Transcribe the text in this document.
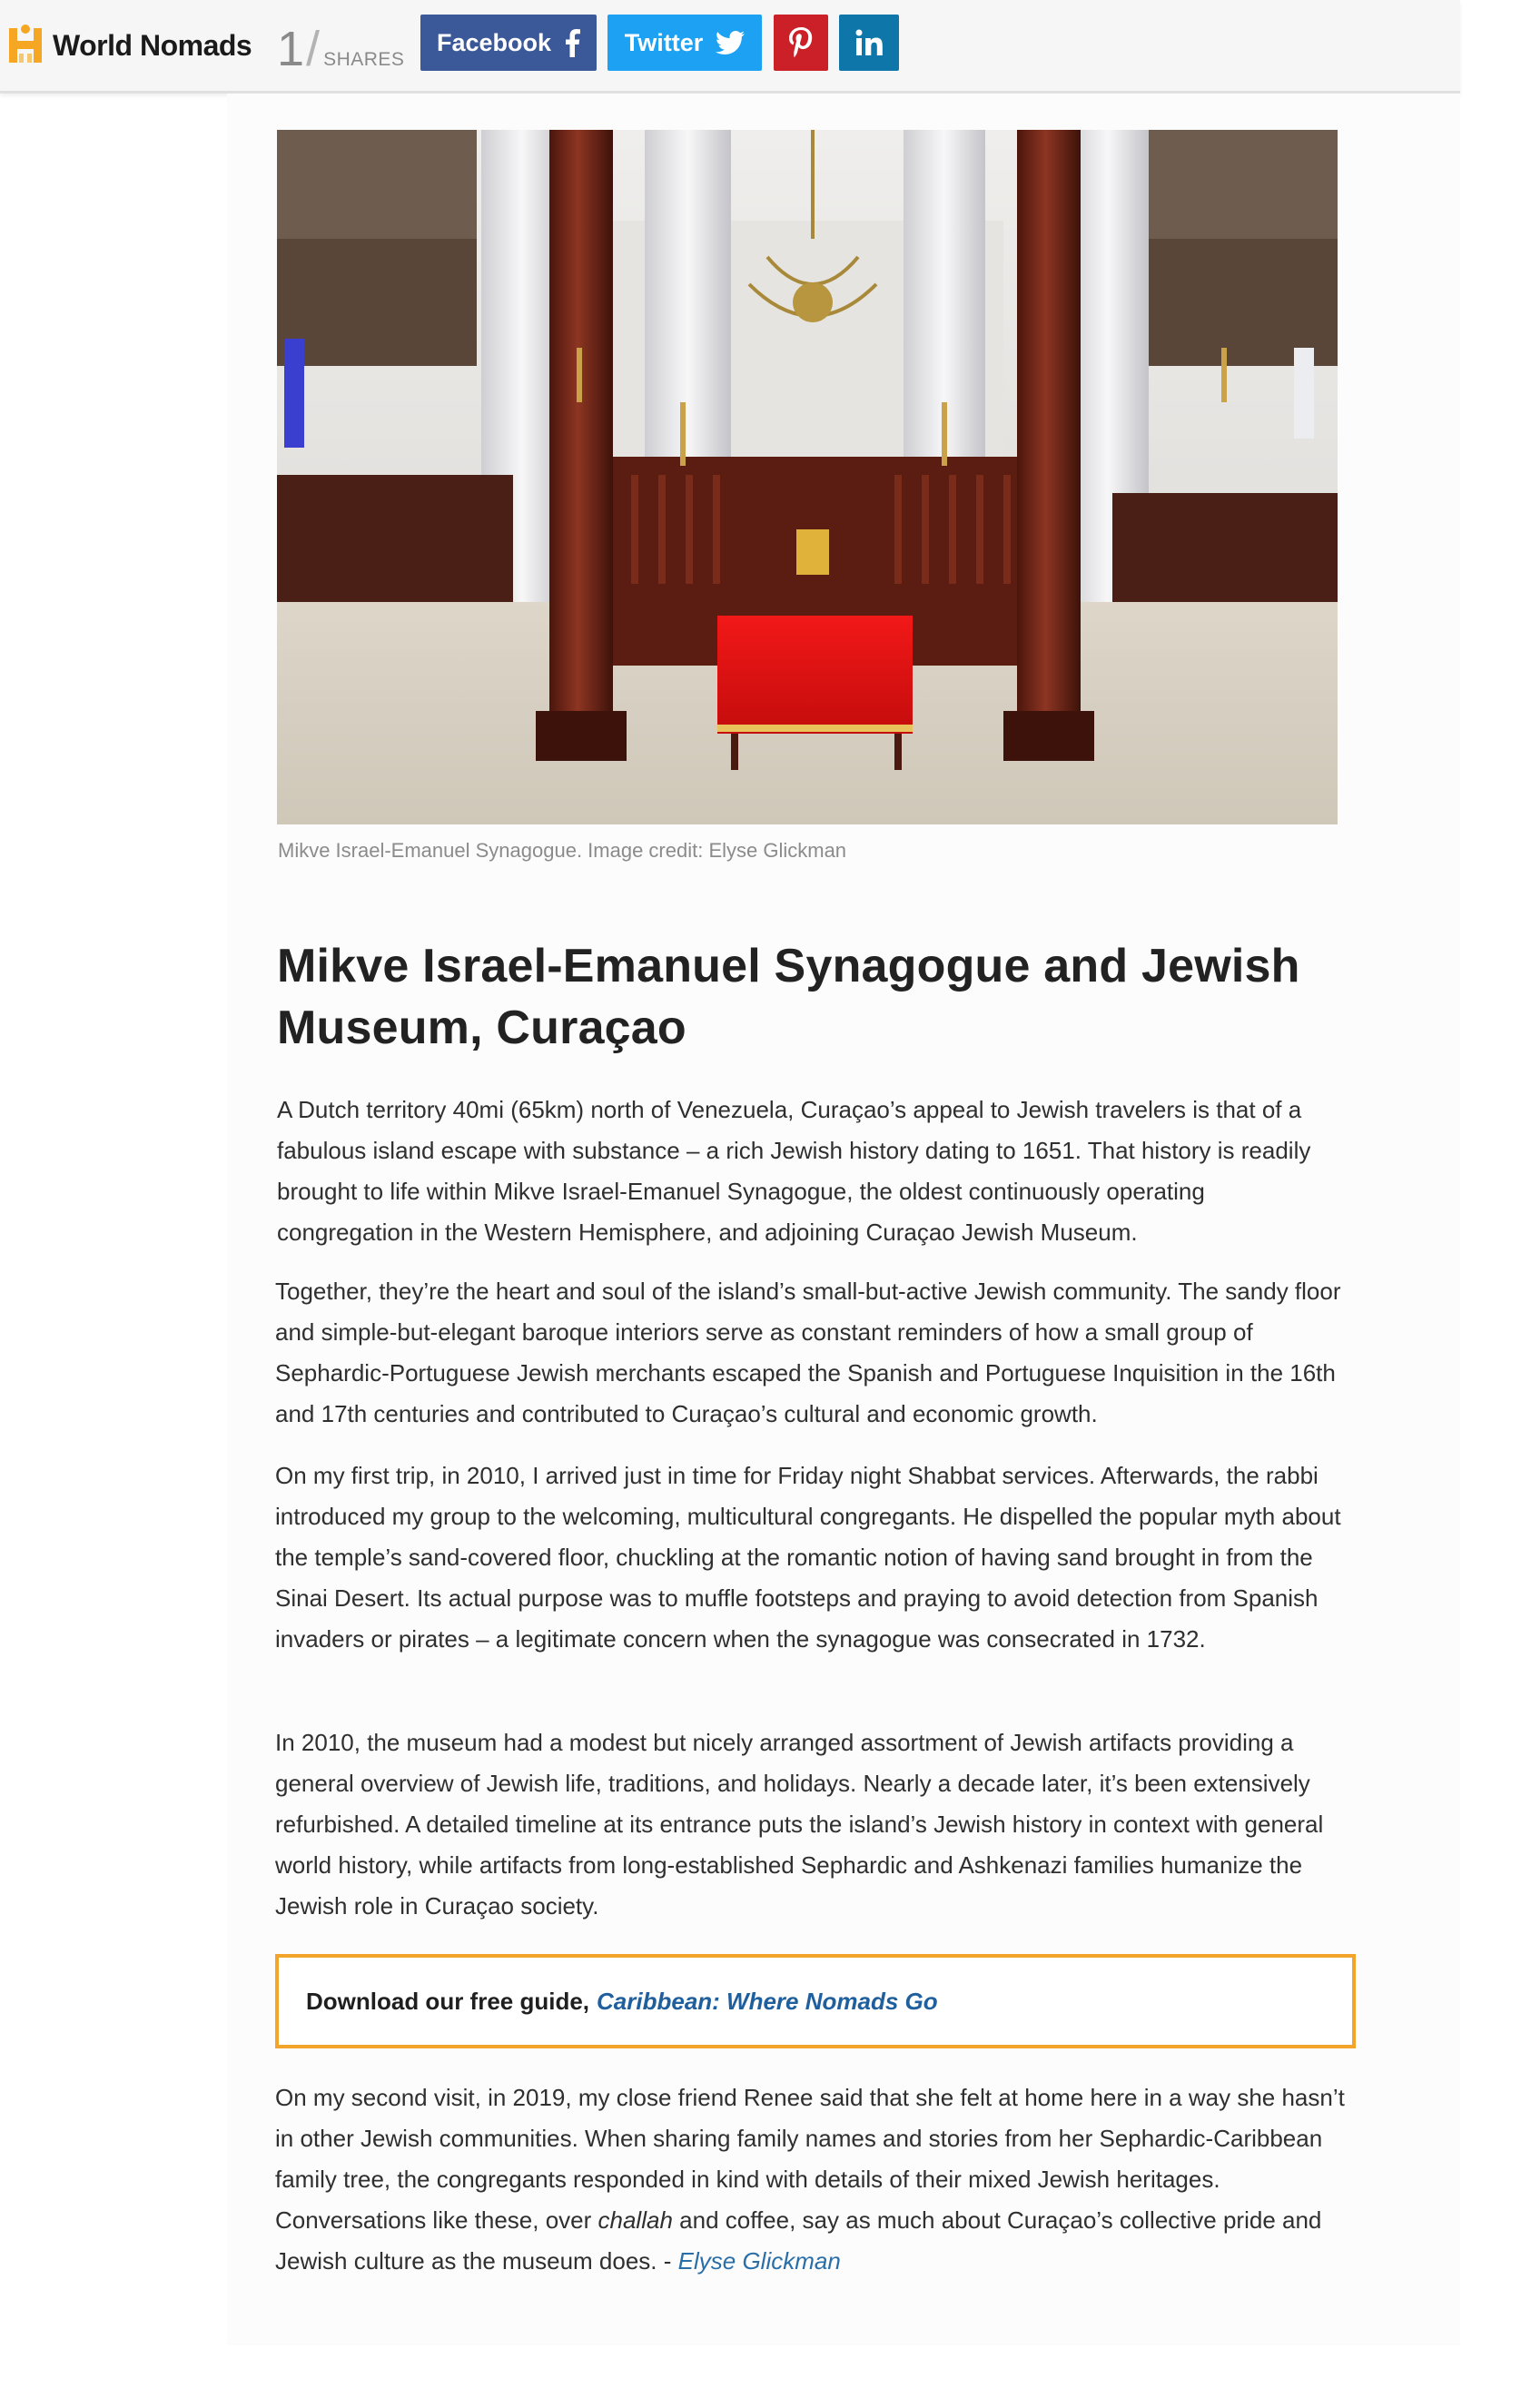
World Nomads 1 / SHARES
Facebook	Twitter
Mikve Israel-Emanuel Synagogue. Image credit: Elyse Glickman
Mikve Israel-Emanuel Synagogue and Jewish Museum, Curaçao

A Dutch territory 40mi (65km) north of Venezuela, Curaçao’s appeal to Jewish travelers is that of a fabulous island escape with substance – a rich Jewish history dating to 1651. That history is readily brought to life within Mikve Israel-Emanuel Synagogue, the oldest continuously operating congregation in the Western Hemisphere, and adjoining Curaçao Jewish Museum.

Together, they’re the heart and soul of the island’s small-but-active Jewish community. The sandy floor and simple-but-elegant baroque interiors serve as constant reminders of how a small group of Sephardic-Portuguese Jewish merchants escaped the Spanish and Portuguese Inquisition in the 16th and 17th centuries and contributed to Curaçao’s cultural and economic growth.

On my first trip, in 2010, I arrived just in time for Friday night Shabbat services. Afterwards, the rabbi introduced my group to the welcoming, multicultural congregants. He dispelled the popular myth about the temple’s sand-covered floor, chuckling at the romantic notion of having sand brought in from the Sinai Desert. Its actual purpose was to muffle footsteps and praying to avoid detection from Spanish invaders or pirates – a legitimate concern when the synagogue was consecrated in 1732.

In 2010, the museum had a modest but nicely arranged assortment of Jewish artifacts providing a general overview of Jewish life, traditions, and holidays. Nearly a decade later, it’s been extensively refurbished. A detailed timeline at its entrance puts the island’s Jewish history in context with general world history, while artifacts from long-established Sephardic and Ashkenazi families humanize the Jewish role in Curaçao society.

Download our free guide, Caribbean: Where Nomads Go

On my second visit, in 2019, my close friend Renee said that she felt at home here in a way she hasn’t in other Jewish communities. When sharing family names and stories from her Sephardic-Caribbean family tree, the congregants responded in kind with details of their mixed Jewish heritages. Conversations like these, over challah and coffee, say as much about Curaçao’s collective pride and Jewish culture as the museum does. - Elyse Glickman
